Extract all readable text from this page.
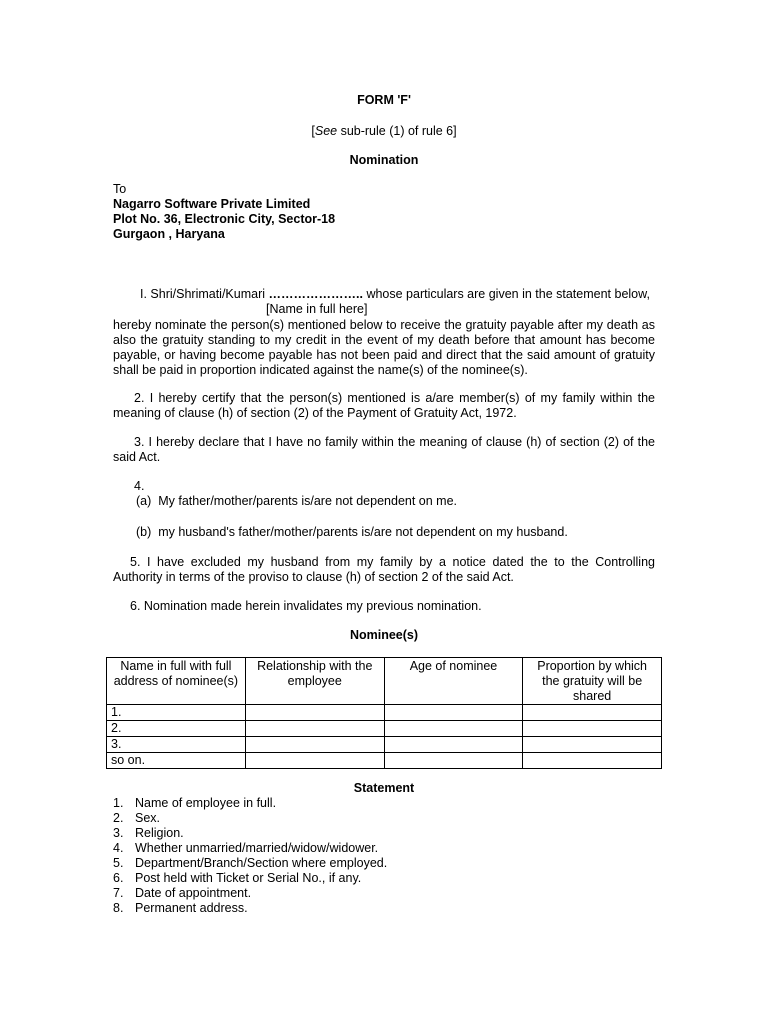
FORM 'F'
[See sub-rule (1) of rule 6]
Nomination
To
Nagarro Software Private Limited
Plot No. 36, Electronic City, Sector-18
Gurgaon , Haryana
I. Shri/Shrimati/Kumari ………………….. whose particulars are given in the statement below,
[Name in full here]
hereby nominate the person(s) mentioned below to receive the gratuity payable after my death as also the gratuity standing to my credit in the event of my death before that amount has become payable, or having become payable has not been paid and direct that the said amount of gratuity shall be paid in proportion indicated against the name(s) of the nominee(s).
2. I hereby certify that the person(s) mentioned is a/are member(s) of my family within the meaning of clause (h) of section (2) of the Payment of Gratuity Act, 1972.
3. I hereby declare that I have no family within the meaning of clause (h) of section (2) of the said Act.
4.
(a)  My father/mother/parents is/are not dependent on me.
(b)  my husband's father/mother/parents is/are not dependent on my husband.
5. I have excluded my husband from my family by a notice dated the to the Controlling Authority in terms of the proviso to clause (h) of section 2 of the said Act.
6. Nomination made herein invalidates my previous nomination.
Nominee(s)
Name in full with full address of nominee(s)	Relationship with the employee	Age of nominee	Proportion by which the gratuity will be shared
1.			
2.			
3.			
so on.			
Statement
1. Name of employee in full.
2. Sex.
3. Religion.
4. Whether unmarried/married/widow/widower.
5. Department/Branch/Section where employed.
6. Post held with Ticket or Serial No., if any.
7. Date of appointment.
8. Permanent address.
